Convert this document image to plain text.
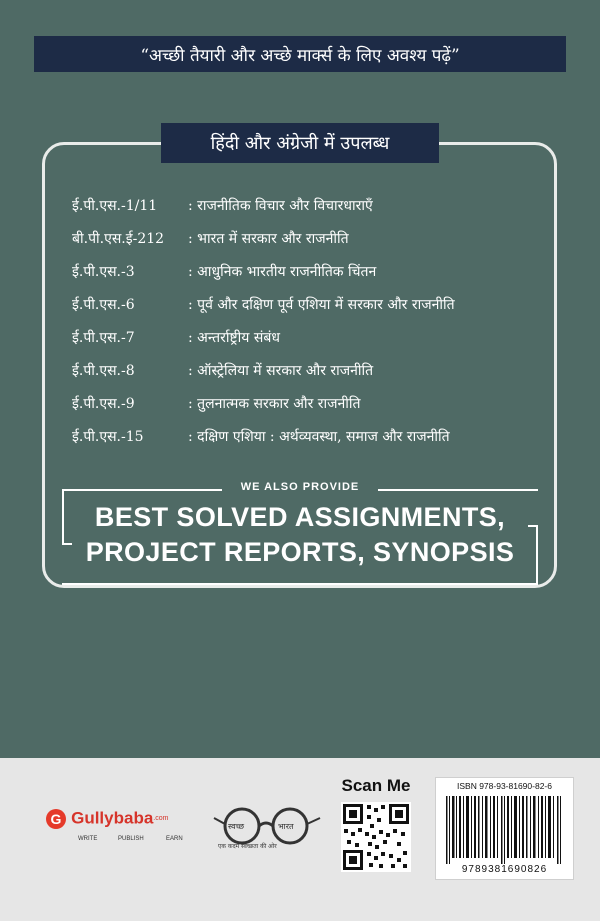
“अच्छी तैयारी और अच्छे मार्क्स के लिए अवश्य पढ़ें”
हिंदी और अंग्रेजी में उपलब्ध
ई.पी.एस.-1/11 : राजनीतिक विचार और विचारधाराएँ
बी.पी.एस.ई-212 : भारत में सरकार और राजनीति
ई.पी.एस.-3	: आधुनिक भारतीय राजनीतिक चिंतन
ई.पी.एस.-6	: पूर्व और दक्षिण पूर्व एशिया में सरकार और राजनीति
ई.पी.एस.-7	: अन्तर्राष्ट्रीय संबंध
ई.पी.एस.-8	: ऑस्ट्रेलिया में सरकार और राजनीति
ई.पी.एस.-9	: तुलनात्मक सरकार और राजनीति
ई.पी.एस.-15	: दक्षिण एशिया : अर्थव्यवस्था, समाज और राजनीति
WE ALSO PROVIDE
BEST SOLVED ASSIGNMENTS,
PROJECT REPORTS, SYNOPSIS
G Gullybaba.com
WRITE	PUBLISH	EARN
स्वच्छ	भारत
एक कदम स्वच्छता की ओर
Scan Me	ISBN 978-93-81690-82-6
9789381690826
